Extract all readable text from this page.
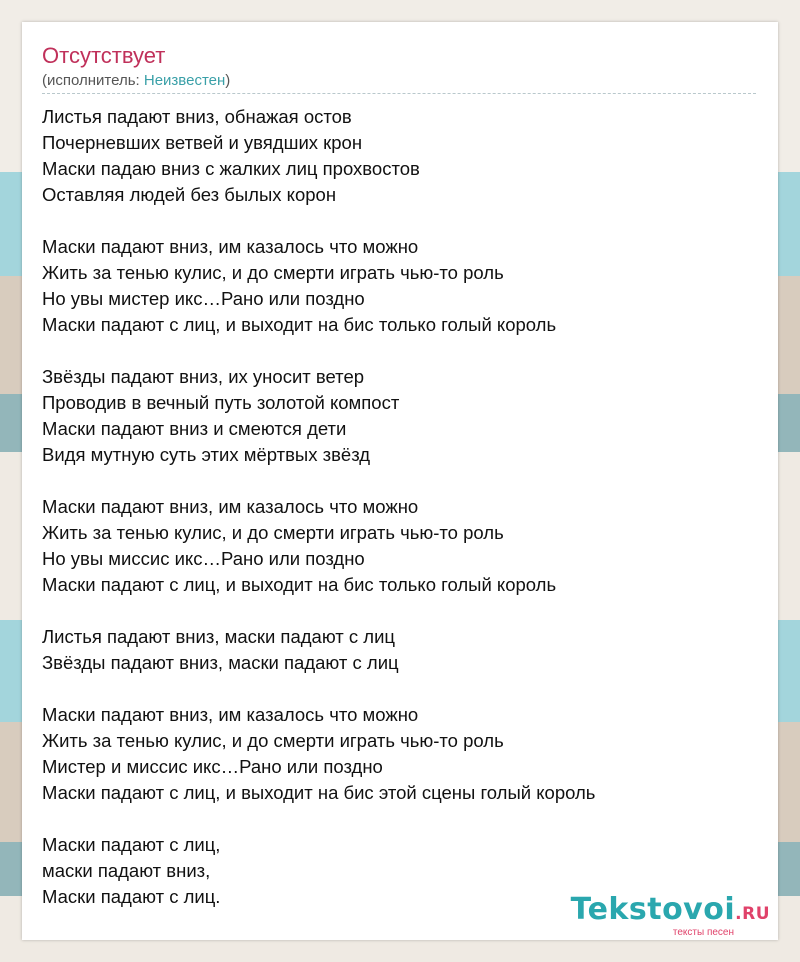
Отсутствует
(исполнитель: Неизвестен)
Листья падают вниз, обнажая остов
Почерневших ветвей и увядших крон
Маски падаю вниз с жалких лиц прохвостов
Оставляя людей без былых корон
Маски падают вниз, им казалось что можно
Жить за тенью кулис, и до смерти играть чью-то роль
Но увы мистер икс…Рано или поздно
Маски падают с лиц, и выходит на бис только голый король
Звёзды падают вниз, их уносит ветер
Проводив в вечный путь золотой компост
Маски падают вниз и смеются дети
Видя мутную суть этих мёртвых звёзд
Маски падают вниз, им казалось что можно
Жить за тенью кулис, и до смерти играть чью-то роль
Но увы миссис икс…Рано или поздно
Маски падают с лиц, и выходит на бис только голый король
Листья падают вниз, маски падают с лиц
Звёзды падают вниз, маски падают с лиц
Маски падают вниз, им казалось что можно
Жить за тенью кулис, и до смерти играть чью-то роль
Мистер и миссис икс…Рано или поздно
Маски падают с лиц, и выходит на бис этой сцены голый король
Маски падают с лиц,
маски падают вниз,
Маски падают с лиц.	Tekstovoi.RU
тексты песен
